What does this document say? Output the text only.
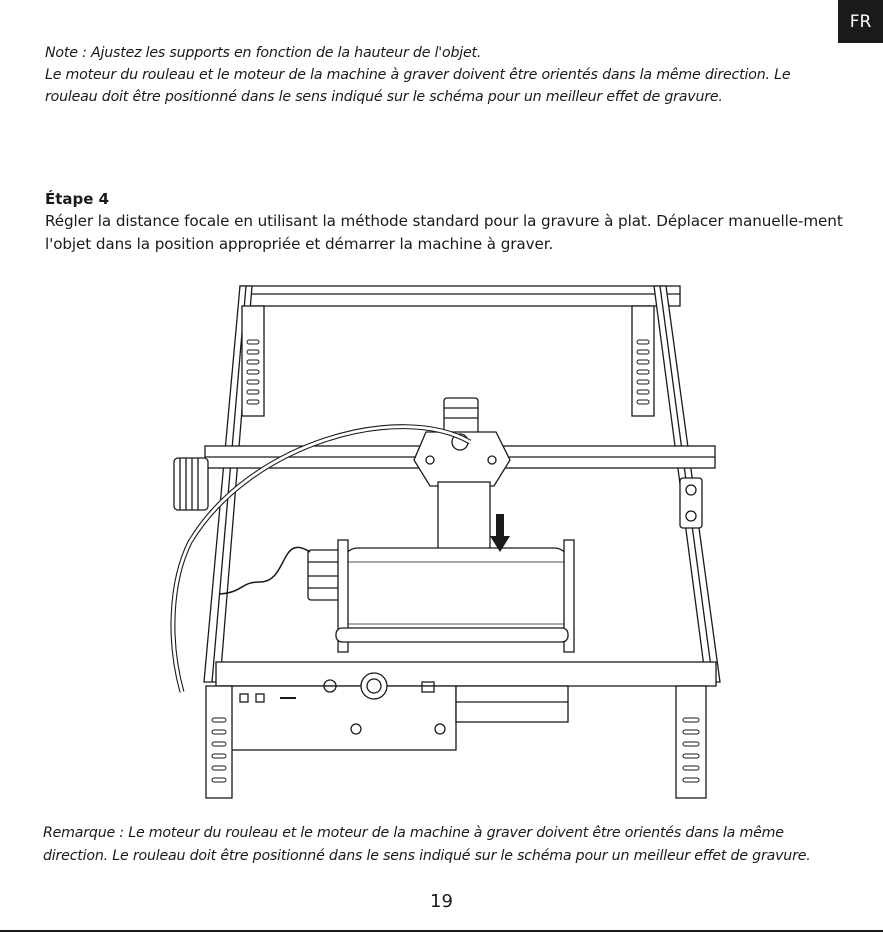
FR

Note : Ajustez les supports en fonction de la hauteur de l'objet.

Le moteur du rouleau et le moteur de la machine à graver doivent être orientés dans la même direction. Le rouleau doit être positionné dans le sens indiqué sur le schéma pour un meilleur effet de gravure.

Étape 4

Régler la distance focale en utilisant la méthode standard pour la gravure à plat. Déplacer manuelle-ment l'objet dans la position appropriée et démarrer la machine à graver.

Remarque : Le moteur du rouleau et le moteur de la machine à graver doivent être orientés dans la même direction. Le rouleau doit être positionné dans le sens indiqué sur le schéma pour un meilleur effet de gravure.

19
